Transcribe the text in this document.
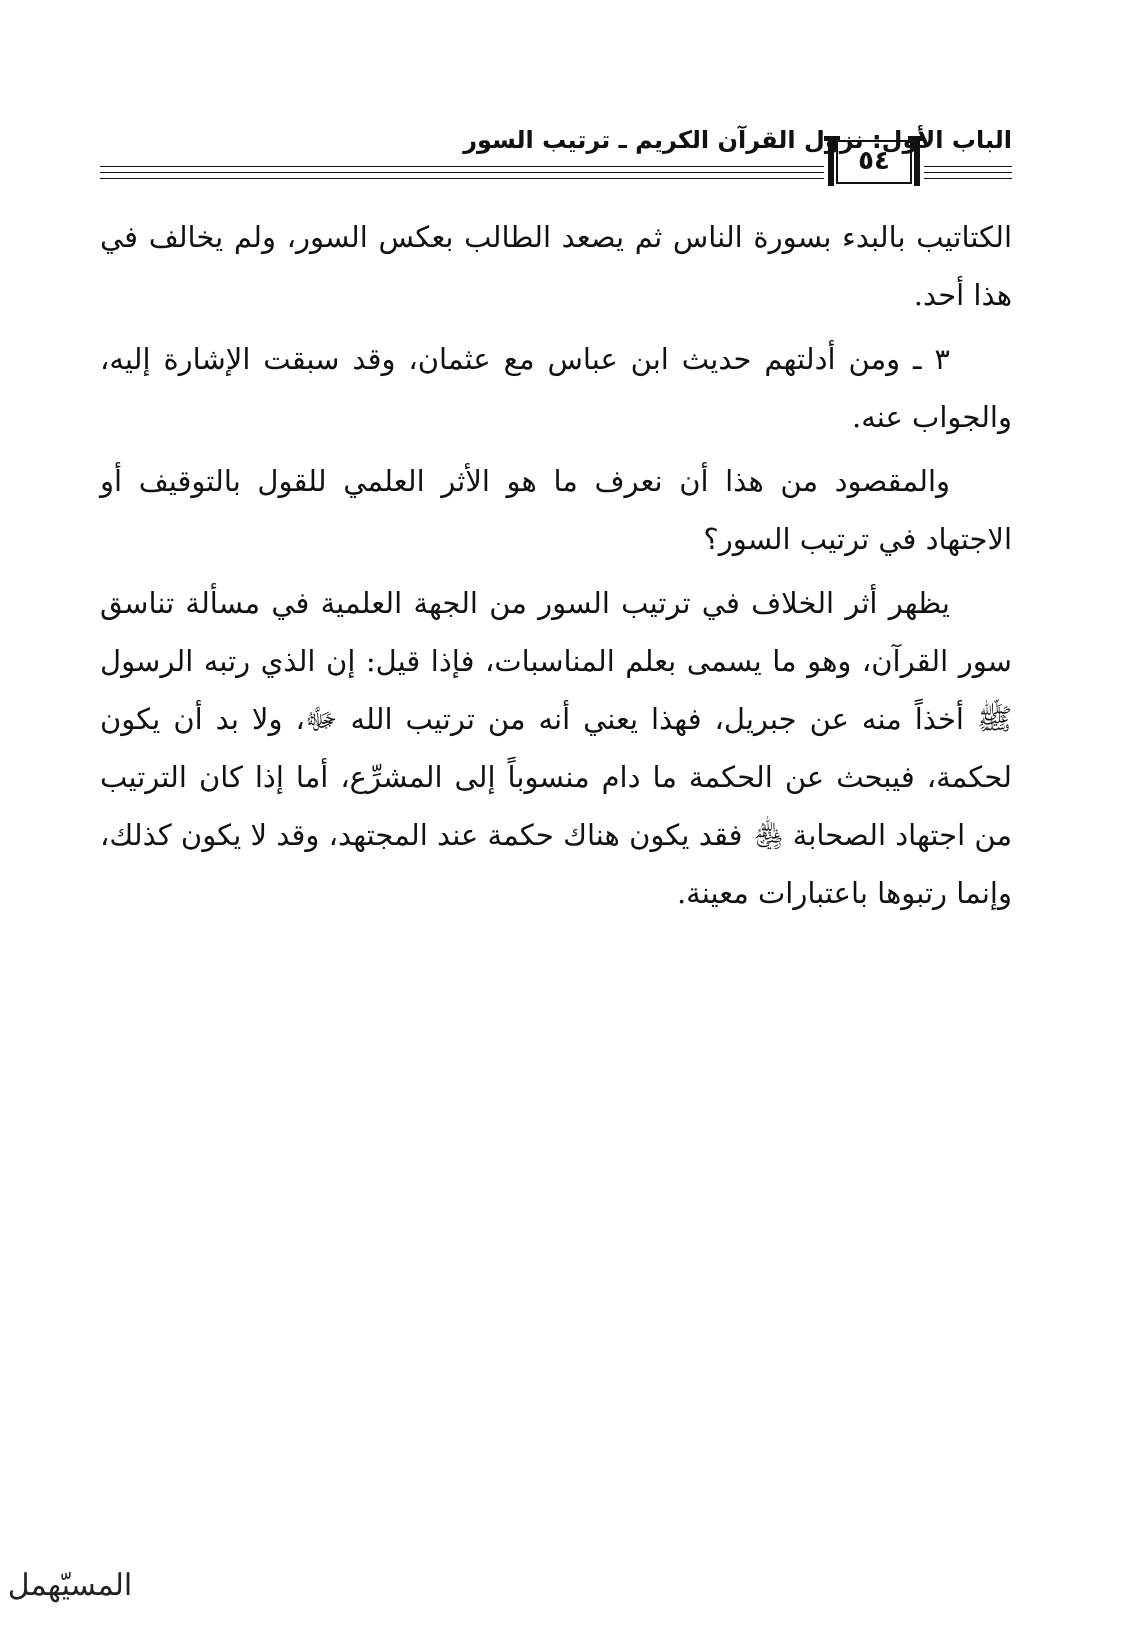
٥٤
الباب الأول: نزول القرآن الكريم ـ ترتيب السور

الكتاتيب بالبدء بسورة الناس ثم يصعد الطالب بعكس السور، ولم يخالف في هذا أحد.

٣ ـ ومن أدلتهم حديث ابن عباس مع عثمان، وقد سبقت الإشارة إليه، والجواب عنه.

والمقصود من هذا أن نعرف ما هو الأثر العلمي للقول بالتوقيف أو الاجتهاد في ترتيب السور؟

يظهر أثر الخلاف في ترتيب السور من الجهة العلمية في مسألة تناسق سور القرآن، وهو ما يسمى بعلم المناسبات، فإذا قيل: إن الذي رتبه الرسول ﷺ أخذاً منه عن جبريل، فهذا يعني أنه من ترتيب الله ﷻ، ولا بد أن يكون لحكمة، فيبحث عن الحكمة ما دام منسوباً إلى المشرِّع، أما إذا كان الترتيب من اجتهاد الصحابة ﵃ فقد يكون هناك حكمة عند المجتهد، وقد لا يكون كذلك، وإنما رتبوها باعتبارات معينة.

المسيّهمل
